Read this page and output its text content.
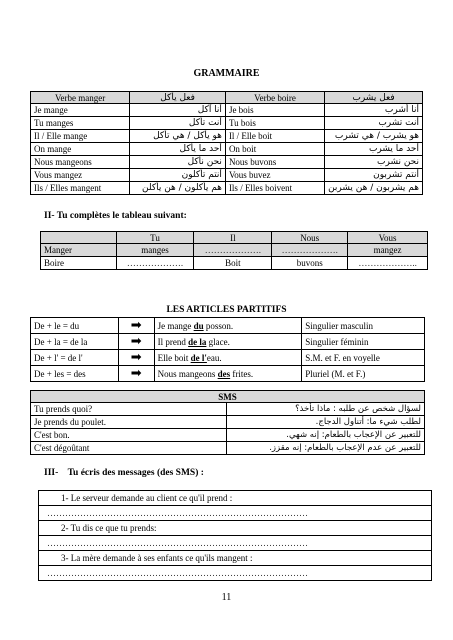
GRAMMAIRE
Verbe manger	فعل يأكل	Verbe boire	فعل يشرب
Je mange	أنا آكل	Je bois	أنا أشرب
Tu manges	أنت تأكل	Tu bois	أنت تشرب
Il / Elle mange	هو يأكل / هي تأكل	Il / Elle boit	هو يشرب / هي تشرب
On mange	أحد ما يأكل	On boit	أحد ما يشرب
Nous mangeons	نحن نأكل	Nous buvons	نحن نشرب
Vous mangez	أنتم تأكلون	Vous buvez	أنتم تشربون
Ils / Elles mangent	هم يأكلون / هن يأكلن	Ils / Elles boivent	هم يشربون / هن يشربن
II- Tu complètes le tableau suivant:
	Tu	Il	Nous	Vous
Manger	manges	……………….	……………….	mangez
Boire	……………….	Boit	buvons	………………..
LES ARTICLES PARTITIFS
De + le = du	➡	Je mange du posson.	Singulier masculin
De + la = de la	➡	Il prend de la glace.	Singulier féminin
De + l' = de l'	➡	Elle boit de l'eau.	S.M. et F. en voyelle
De + les = des	➡	Nous mangeons des frites.	Pluriel (M. et F.)
SMS	
Tu prends quoi?	لسؤال شخص عن طلبه : ماذا تأخذ؟
Je prends du poulet.	لطلب شيء ما: أتناول الدجاج.
C'est bon.	للتعبير عن الإعجاب بالطعام: إنه شهي.
C'est dégoûtant	للتعبير عن عدم الإعجاب بالطعام: إنه مقزز.
III-    Tu écris des messages (des SMS) :
1- Le serveur demande au client ce qu'il prend :
……………………………………………………………………………
2- Tu dis ce que tu prends:
……………………………………………………………………………
3- La mère demande à ses enfants ce qu'ils mangent :
……………………………………………………………………………
11
